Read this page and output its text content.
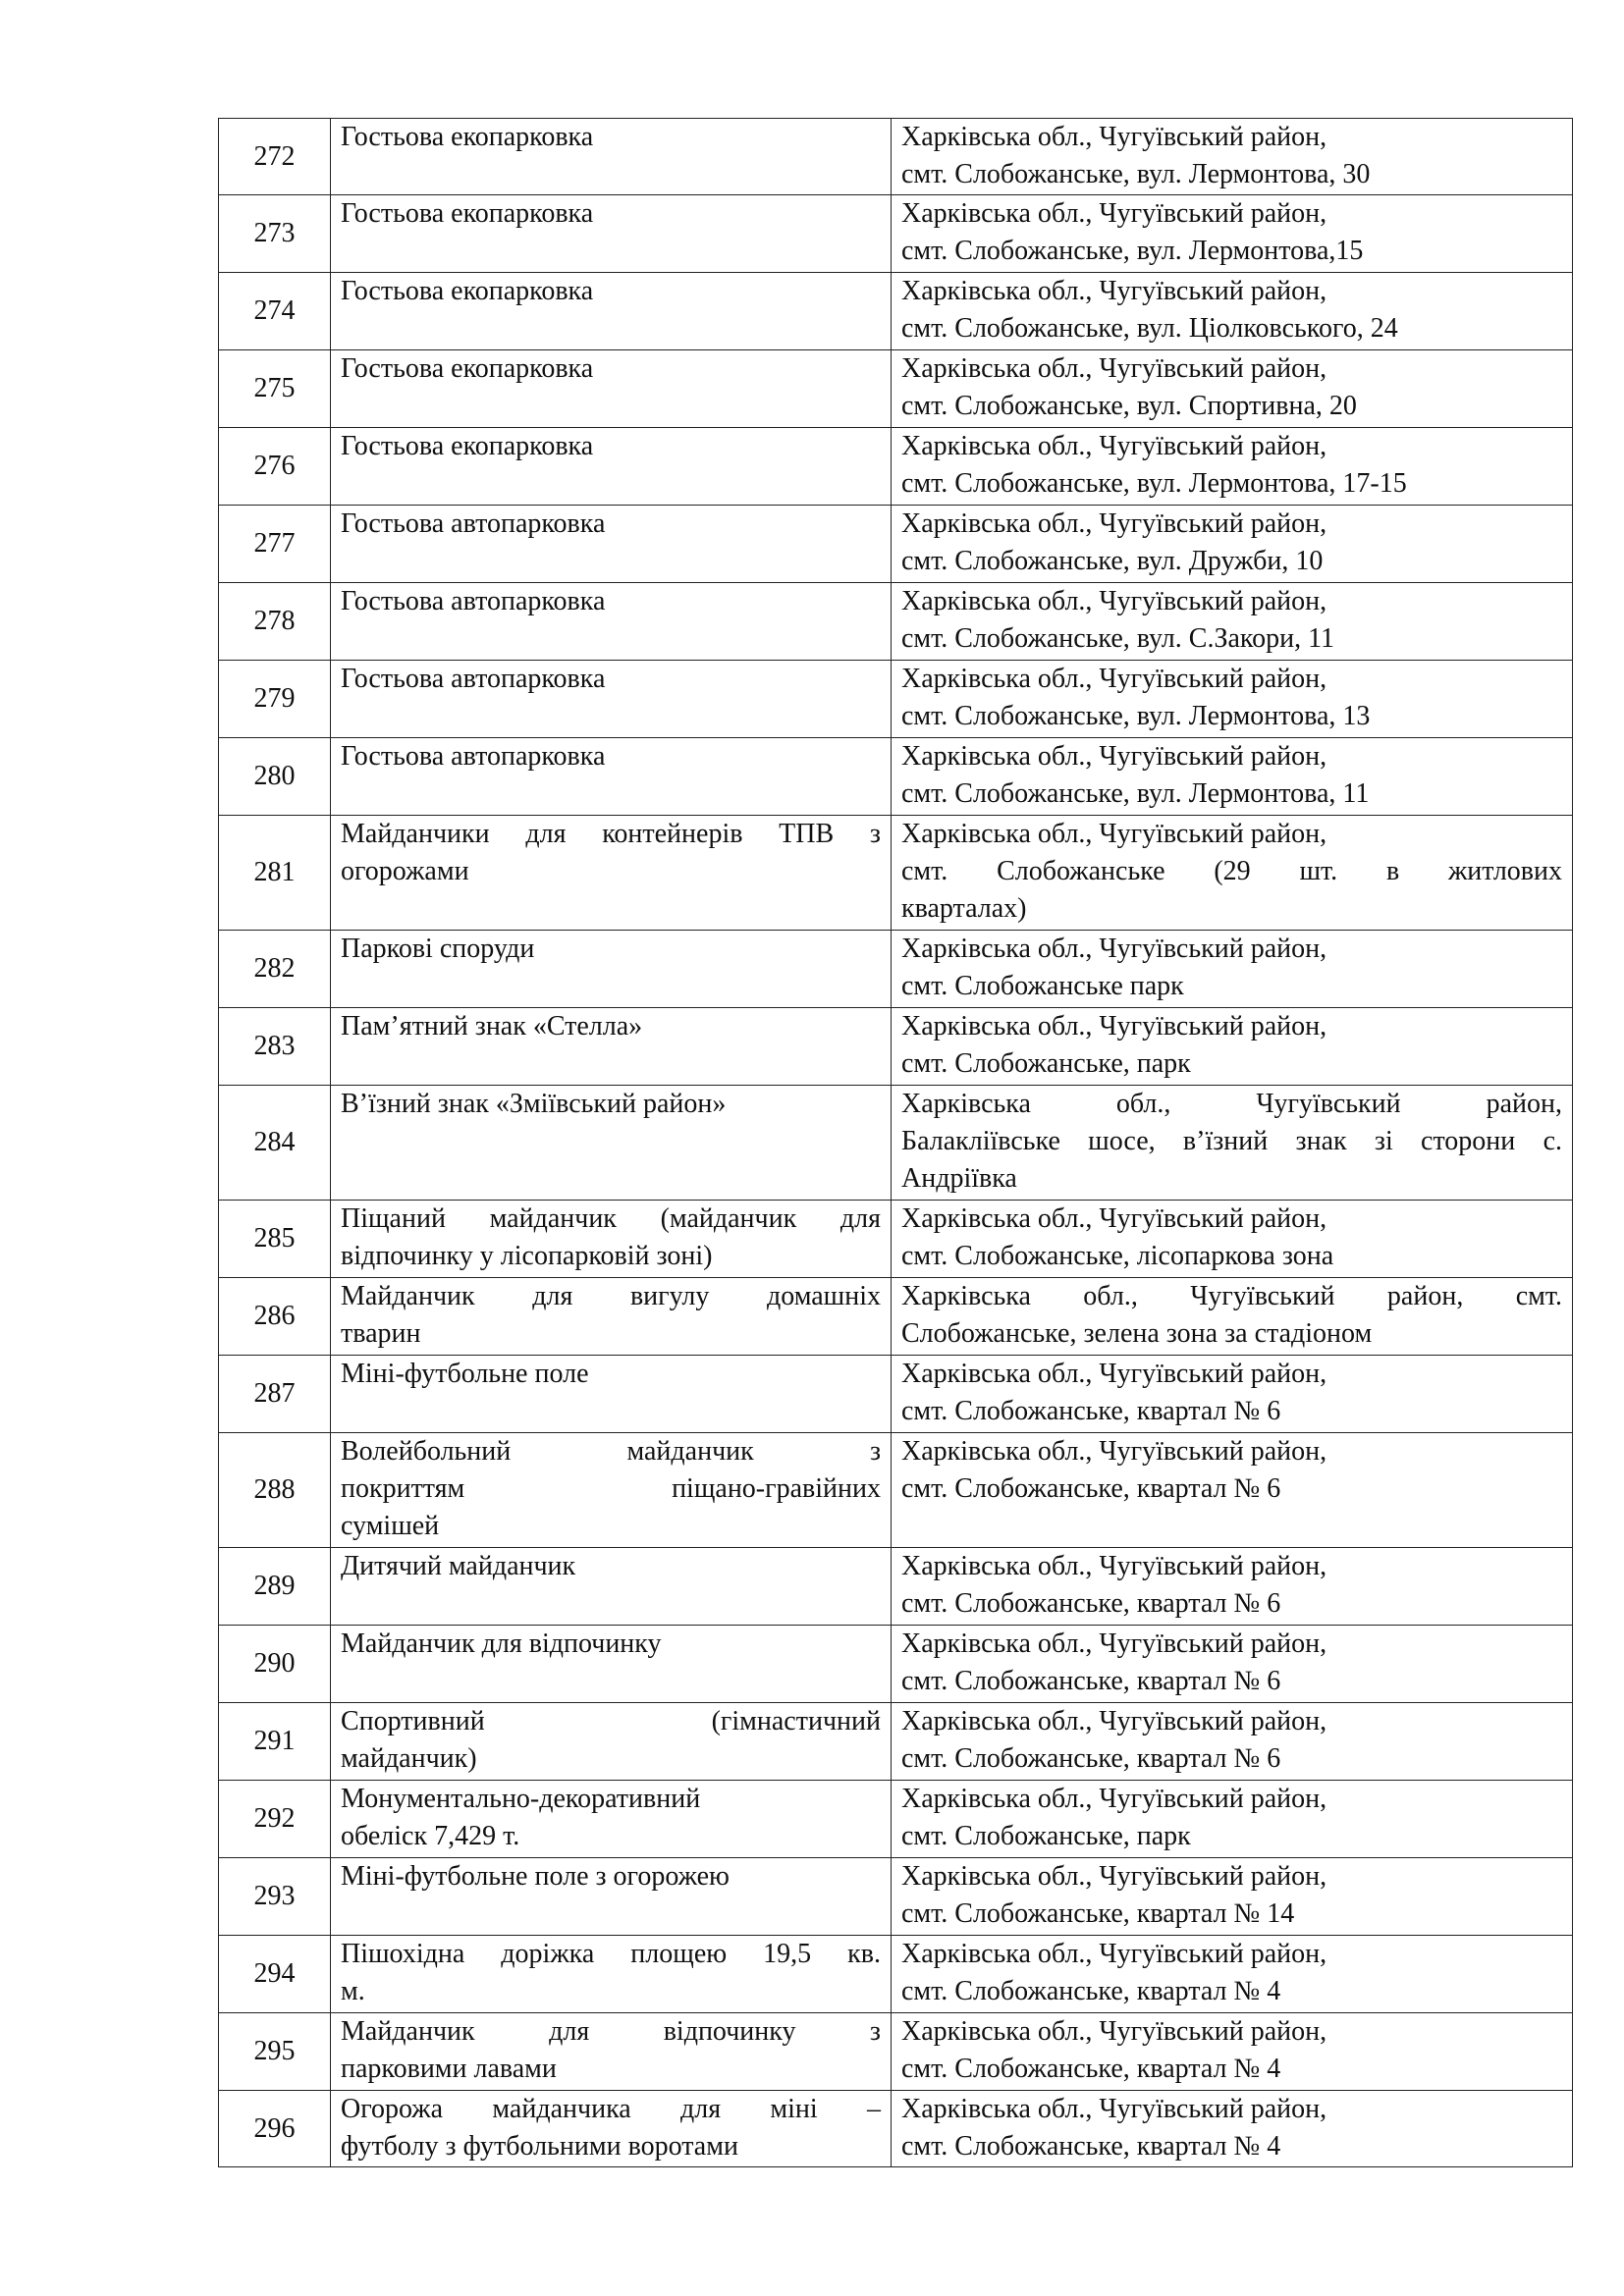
272	Гостьова екопарковка	Харківська обл., Чугуївський район,
смт. Слобожанське, вул. Лермонтова, 30

273	Гостьова екопарковка	Харківська обл., Чугуївський район,
смт. Слобожанське, вул. Лермонтова,15

274	Гостьова екопарковка	Харківська обл., Чугуївський район,
смт. Слобожанське, вул. Ціолковського, 24

275	Гостьова екопарковка	Харківська обл., Чугуївський район,
смт. Слобожанське, вул. Спортивна, 20

276	Гостьова екопарковка	Харківська обл., Чугуївський район,
смт. Слобожанське, вул. Лермонтова, 17-15

277	Гостьова автопарковка	Харківська обл., Чугуївський район,
смт. Слобожанське, вул. Дружби, 10

278	Гостьова автопарковка	Харківська обл., Чугуївський район,
смт. Слобожанське, вул. С.Закори, 11

279	Гостьова автопарковка	Харківська обл., Чугуївський район,
смт. Слобожанське, вул. Лермонтова, 13

280	Гостьова автопарковка	Харківська обл., Чугуївський район,
смт. Слобожанське, вул. Лермонтова, 11

281	Майданчики для контейнерів ТПВ з
огорожами	Харківська обл., Чугуївський район,
смт. Слобожанське (29 шт. в житлових
кварталах)

282	Паркові споруди	Харківська обл., Чугуївський район,
смт. Слобожанське парк

283	Пам’ятний знак «Стелла»	Харківська обл., Чугуївський район,
смт. Слобожанське, парк

284	В’їзний знак «Зміївський район»	Харківська обл., Чугуївський район,
Балакліївське шосе, в’їзний знак зі сторони с.
Андріївка

285	Піщаний майданчик (майданчик для
відпочинку у лісопарковій зоні)	Харківська обл., Чугуївський район,
смт. Слобожанське, лісопаркова зона

286	Майданчик для вигулу домашніх
тварин	Харківська обл., Чугуївський район, смт.
Слобожанське, зелена зона за стадіоном

287	Міні-футбольне поле	Харківська обл., Чугуївський район,
смт. Слобожанське, квартал № 6

288	Волейбольний майданчик з
покриттям піщано-гравійних
сумішей	Харківська обл., Чугуївський район,
смт. Слобожанське, квартал № 6

289	Дитячий майданчик	Харківська обл., Чугуївський район,
смт. Слобожанське, квартал № 6

290	Майданчик для відпочинку	Харківська обл., Чугуївський район,
смт. Слобожанське, квартал № 6

291	Спортивний (гімнастичний
майданчик)	Харківська обл., Чугуївський район,
смт. Слобожанське, квартал № 6

292	Монументально-декоративний
обеліск 7,429 т.	Харківська обл., Чугуївський район,
смт. Слобожанське, парк

293	Міні-футбольне поле з огорожею	Харківська обл., Чугуївський район,
смт. Слобожанське, квартал № 14

294	Пішохідна доріжка площею 19,5 кв.
м.	Харківська обл., Чугуївський район,
смт. Слобожанське, квартал № 4

295	Майданчик для відпочинку з
парковими лавами	Харківська обл., Чугуївський район,
смт. Слобожанське, квартал № 4

296	Огорожа майданчика для міні –
футболу з футбольними воротами	Харківська обл., Чугуївський район,
смт. Слобожанське, квартал № 4
